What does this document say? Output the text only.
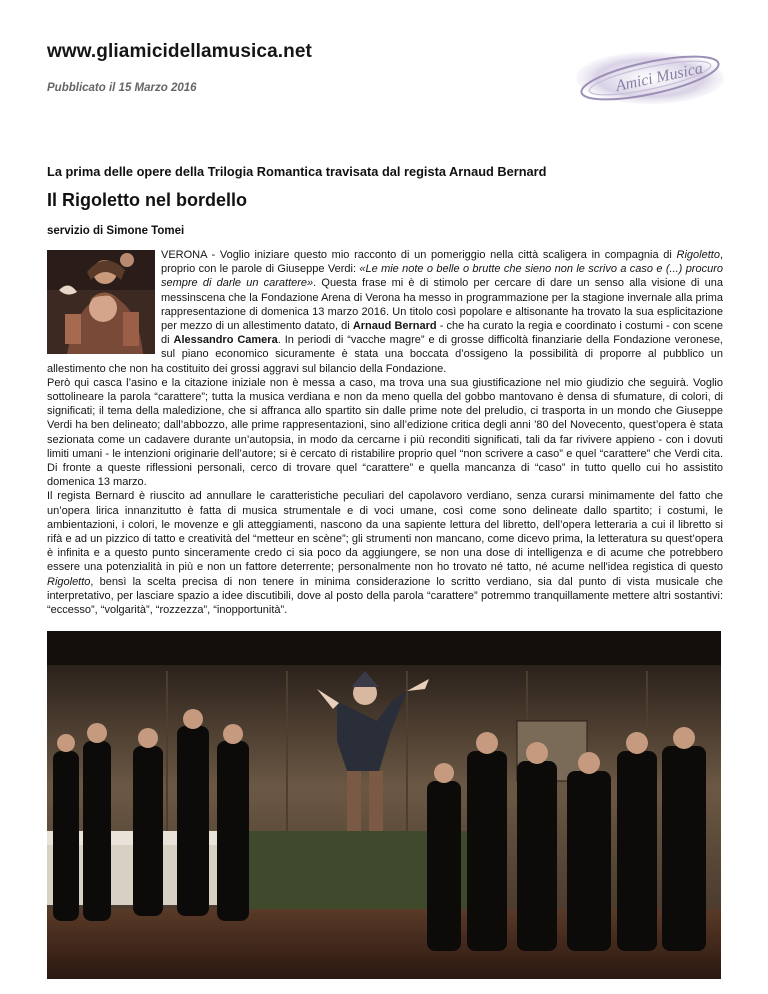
www.gliamicidellamusica.net
Pubblicato il 15 Marzo 2016	Amici Musica
La prima delle opere della Trilogia Romantica travisata dal regista Arnaud Bernard
Il Rigoletto nel bordello
servizio di Simone Tomei

VERONA - Voglio iniziare questo mio racconto di un pomeriggio nella città scaligera in compagnia di Rigoletto, proprio con le parole di Giuseppe Verdi: «Le mie note o belle o brutte che sieno non le scrivo a caso e (...) procuro sempre di darle un carattere». Questa frase mi è di stimolo per cercare di dare un senso alla visione di una messinscena che la Fondazione Arena di Verona ha messo in programmazione per la stagione invernale alla prima rappresentazione di domenica 13 marzo 2016. Un titolo così popolare e altisonante ha trovato la sua esplicitazione per mezzo di un allestimento datato, di Arnaud Bernard - che ha curato la regia e coordinato i costumi - con scene di Alessandro Camera. In periodi di “vacche magre” e di grosse difficoltà finanziarie della Fondazione veronese, sul piano economico sicuramente è stata una boccata d’ossigeno la possibilità di proporre al pubblico un allestimento che non ha costituito dei grossi aggravi sul bilancio della Fondazione.

Però qui casca l’asino e la citazione iniziale non è messa a caso, ma trova una sua giustificazione nel mio giudizio che seguirà. Voglio sottolineare la parola “carattere”; tutta la musica verdiana e non da meno quella del gobbo mantovano è densa di sfumature, di colori, di significati; il tema della maledizione, che si affranca allo spartito sin dalle prime note del preludio, ci trasporta in un mondo che Giuseppe Verdi ha ben delineato; dall’abbozzo, alle prime rappresentazioni, sino all’edizione critica degli anni ’80 del Novecento, quest’opera è stata sezionata come un cadavere durante un’autopsia, in modo da cercarne i più reconditi significati, tali da far rivivere appieno - con i dovuti limiti umani - le intenzioni originarie dell’autore; si è cercato di ristabilire proprio quel “non scrivere a caso” e quel “carattere” che Verdi cita. Di fronte a queste riflessioni personali, cerco di trovare quel “carattere” e quella mancanza di “caso” in tutto quello cui ho assistito domenica 13 marzo.

Il regista Bernard è riuscito ad annullare le caratteristiche peculiari del capolavoro verdiano, senza curarsi minimamente del fatto che un’opera lirica innanzitutto è fatta di musica strumentale e di voci umane, così come sono delineate dallo spartito; i costumi, le ambientazioni, i colori, le movenze e gli atteggiamenti, nascono da una sapiente lettura del libretto, dell’opera letteraria a cui il libretto si rifà e ad un pizzico di tatto e creatività del “metteur en scène”; gli strumenti non mancano, come dicevo prima, la letteratura su quest’opera è infinita e a questo punto sinceramente credo ci sia poco da aggiungere, se non una dose di intelligenza e di acume che potrebbero essere una potenzialità in più e non un fattore deterrente; personalmente non ho trovato né tatto, né acume nell'idea registica di questo Rigoletto, bensì la scelta precisa di non tenere in minima considerazione lo scritto verdiano, sia dal punto di vista musicale che interpretativo, per lasciare spazio a idee discutibili, dove al posto della parola “carattere” potremmo tranquillamente mettere altri sostantivi: “eccesso”, “volgarità”, “rozzezza”, “inopportunità”.
